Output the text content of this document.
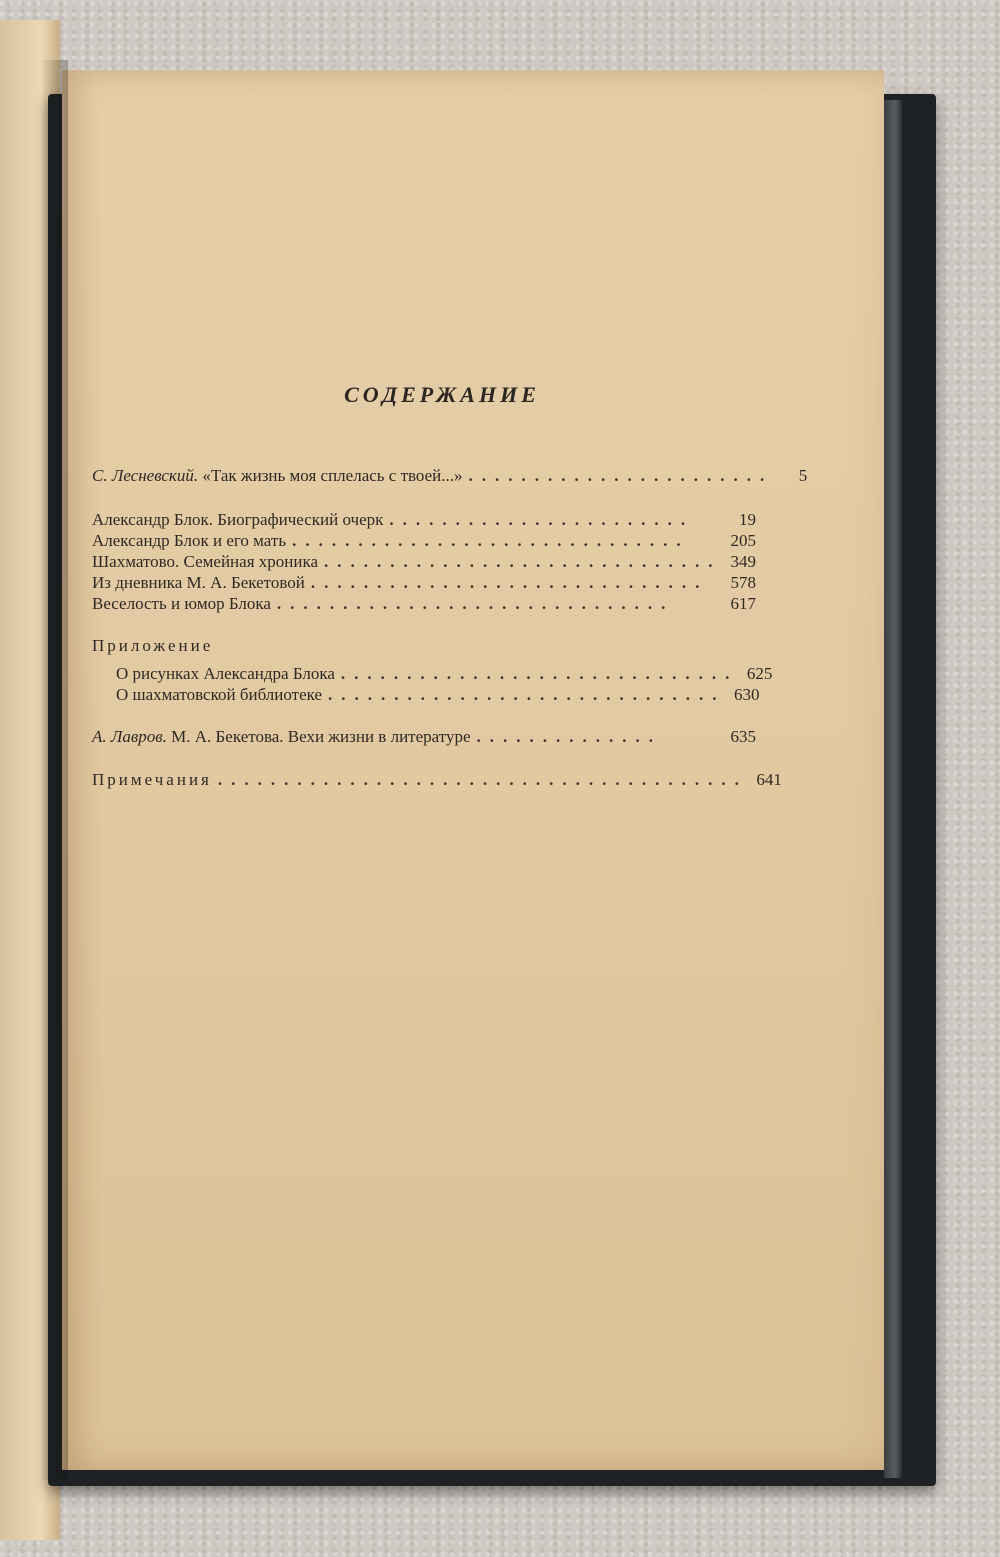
СОДЕРЖАНИЕ
С. Лесневский. «Так жизнь моя сплелась с твоей...» .......................	5
Александр Блок. Биографический очерк .......................	19
Александр Блок и его мать ..............................	205
Шахматово. Семейная хроника .............................. 349
Из дневника М. А. Бекетовой ..............................	578
Веселость и юмор Блока ..............................	617
Приложение
О рисунках Александра Блока .............................. 625
О шахматовской библиотеке .............................. 630
А. Лавров. М. А. Бекетова. Вехи жизни в литературе ..............	635
Примечания ........................................ 641
